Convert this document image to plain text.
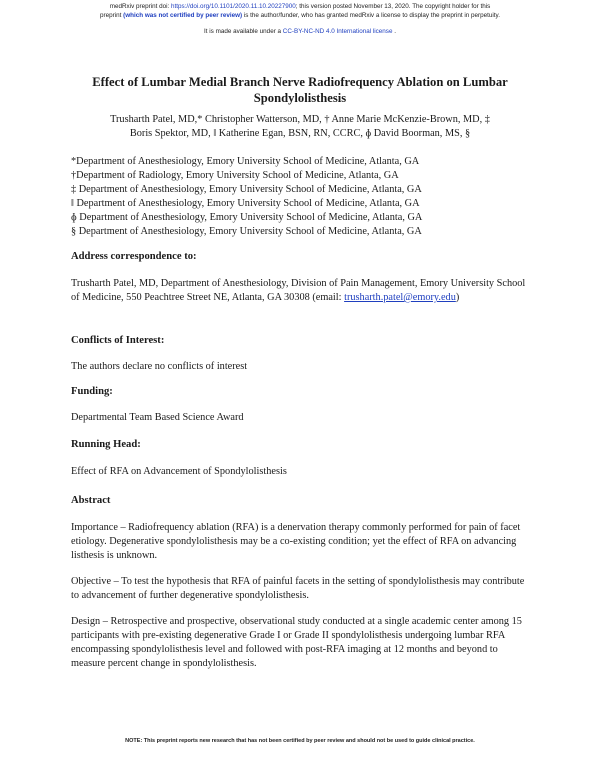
medRxiv preprint doi: https://doi.org/10.1101/2020.11.10.20227900; this version posted November 13, 2020. The copyright holder for this
preprint (which was not certified by peer review) is the author/funder, who has granted medRxiv a license to display the preprint in perpetuity.
It is made available under a CC-BY-NC-ND 4.0 International license .
Effect of Lumbar Medial Branch Nerve Radiofrequency Ablation on Lumbar Spondylolisthesis
Trusharth Patel, MD,* Christopher Watterson, MD, † Anne Marie McKenzie-Brown, MD, ‡
Boris Spektor, MD, ǁ Katherine Egan, BSN, RN, CCRC, ɸ David Boorman, MS, §
*Department of Anesthesiology, Emory University School of Medicine, Atlanta, GA
†Department of Radiology, Emory University School of Medicine, Atlanta, GA
‡ Department of Anesthesiology, Emory University School of Medicine, Atlanta, GA
ǁ Department of Anesthesiology, Emory University School of Medicine, Atlanta, GA
ɸ Department of Anesthesiology, Emory University School of Medicine, Atlanta, GA
§ Department of Anesthesiology, Emory University School of Medicine, Atlanta, GA
Address correspondence to:
Trusharth Patel, MD, Department of Anesthesiology, Division of Pain Management, Emory University School of Medicine, 550 Peachtree Street NE, Atlanta, GA 30308 (email: trusharth.patel@emory.edu)
Conflicts of Interest:
The authors declare no conflicts of interest
Funding:
Departmental Team Based Science Award
Running Head:
Effect of RFA on Advancement of Spondylolisthesis
Abstract
Importance – Radiofrequency ablation (RFA) is a denervation therapy commonly performed for pain of facet etiology. Degenerative spondylolisthesis may be a co-existing condition; yet the effect of RFA on advancing listhesis is unknown.
Objective – To test the hypothesis that RFA of painful facets in the setting of spondylolisthesis may contribute to advancement of further degenerative spondylolisthesis.
Design – Retrospective and prospective, observational study conducted at a single academic center among 15 participants with pre-existing degenerative Grade I or Grade II spondylolisthesis undergoing lumbar RFA encompassing spondylolisthesis level and followed with post-RFA imaging at 12 months and beyond to measure percent change in spondylolisthesis.
NOTE: This preprint reports new research that has not been certified by peer review and should not be used to guide clinical practice.
